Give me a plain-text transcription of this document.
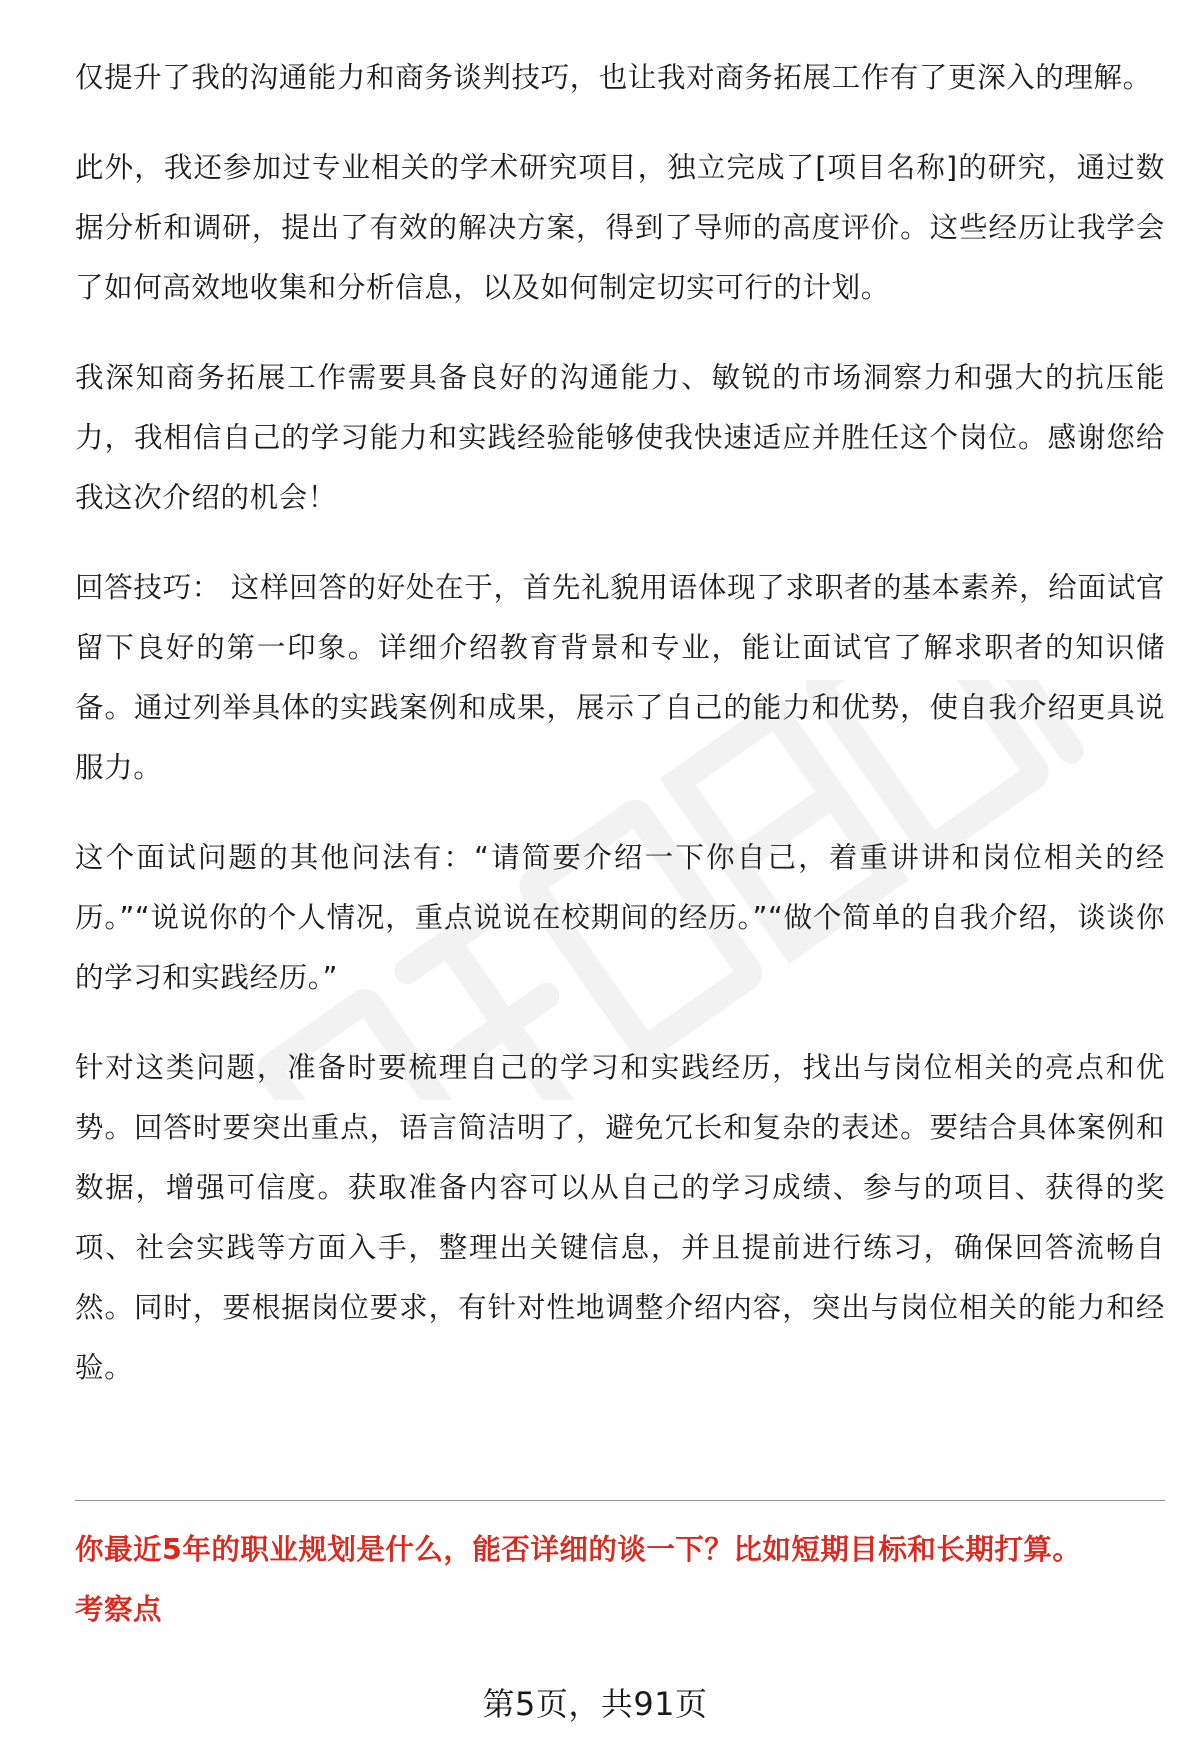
仅提升了我的沟通能力和商务谈判技巧，也让我对商务拓展工作有了更深入的理解。

此外，我还参加过专业相关的学术研究项目，独立完成了[项目名称]的研究，通过数据分析和调研，提出了有效的解决方案，得到了导师的高度评价。这些经历让我学会了如何高效地收集和分析信息，以及如何制定切实可行的计划。

我深知商务拓展工作需要具备良好的沟通能力、敏锐的市场洞察力和强大的抗压能力，我相信自己的学习能力和实践经验能够使我快速适应并胜任这个岗位。感谢您给我这次介绍的机会！

回答技巧： 这样回答的好处在于，首先礼貌用语体现了求职者的基本素养，给面试官留下良好的第一印象。详细介绍教育背景和专业，能让面试官了解求职者的知识储备。通过列举具体的实践案例和成果，展示了自己的能力和优势，使自我介绍更具说服力。

这个面试问题的其他问法有：“请简要介绍一下你自己，着重讲讲和岗位相关的经历。”“说说你的个人情况，重点说说在校期间的经历。”“做个简单的自我介绍，谈谈你的学习和实践经历。”

针对这类问题，准备时要梳理自己的学习和实践经历，找出与岗位相关的亮点和优势。回答时要突出重点，语言简洁明了，避免冗长和复杂的表述。要结合具体案例和数据，增强可信度。获取准备内容可以从自己的学习成绩、参与的项目、获得的奖项、社会实践等方面入手，整理出关键信息，并且提前进行练习，确保回答流畅自然。同时，要根据岗位要求，有针对性地调整介绍内容，突出与岗位相关的能力和经验。

你最近5年的职业规划是什么，能否详细的谈一下？比如短期目标和长期打算。
考察点
第5页，共91页
